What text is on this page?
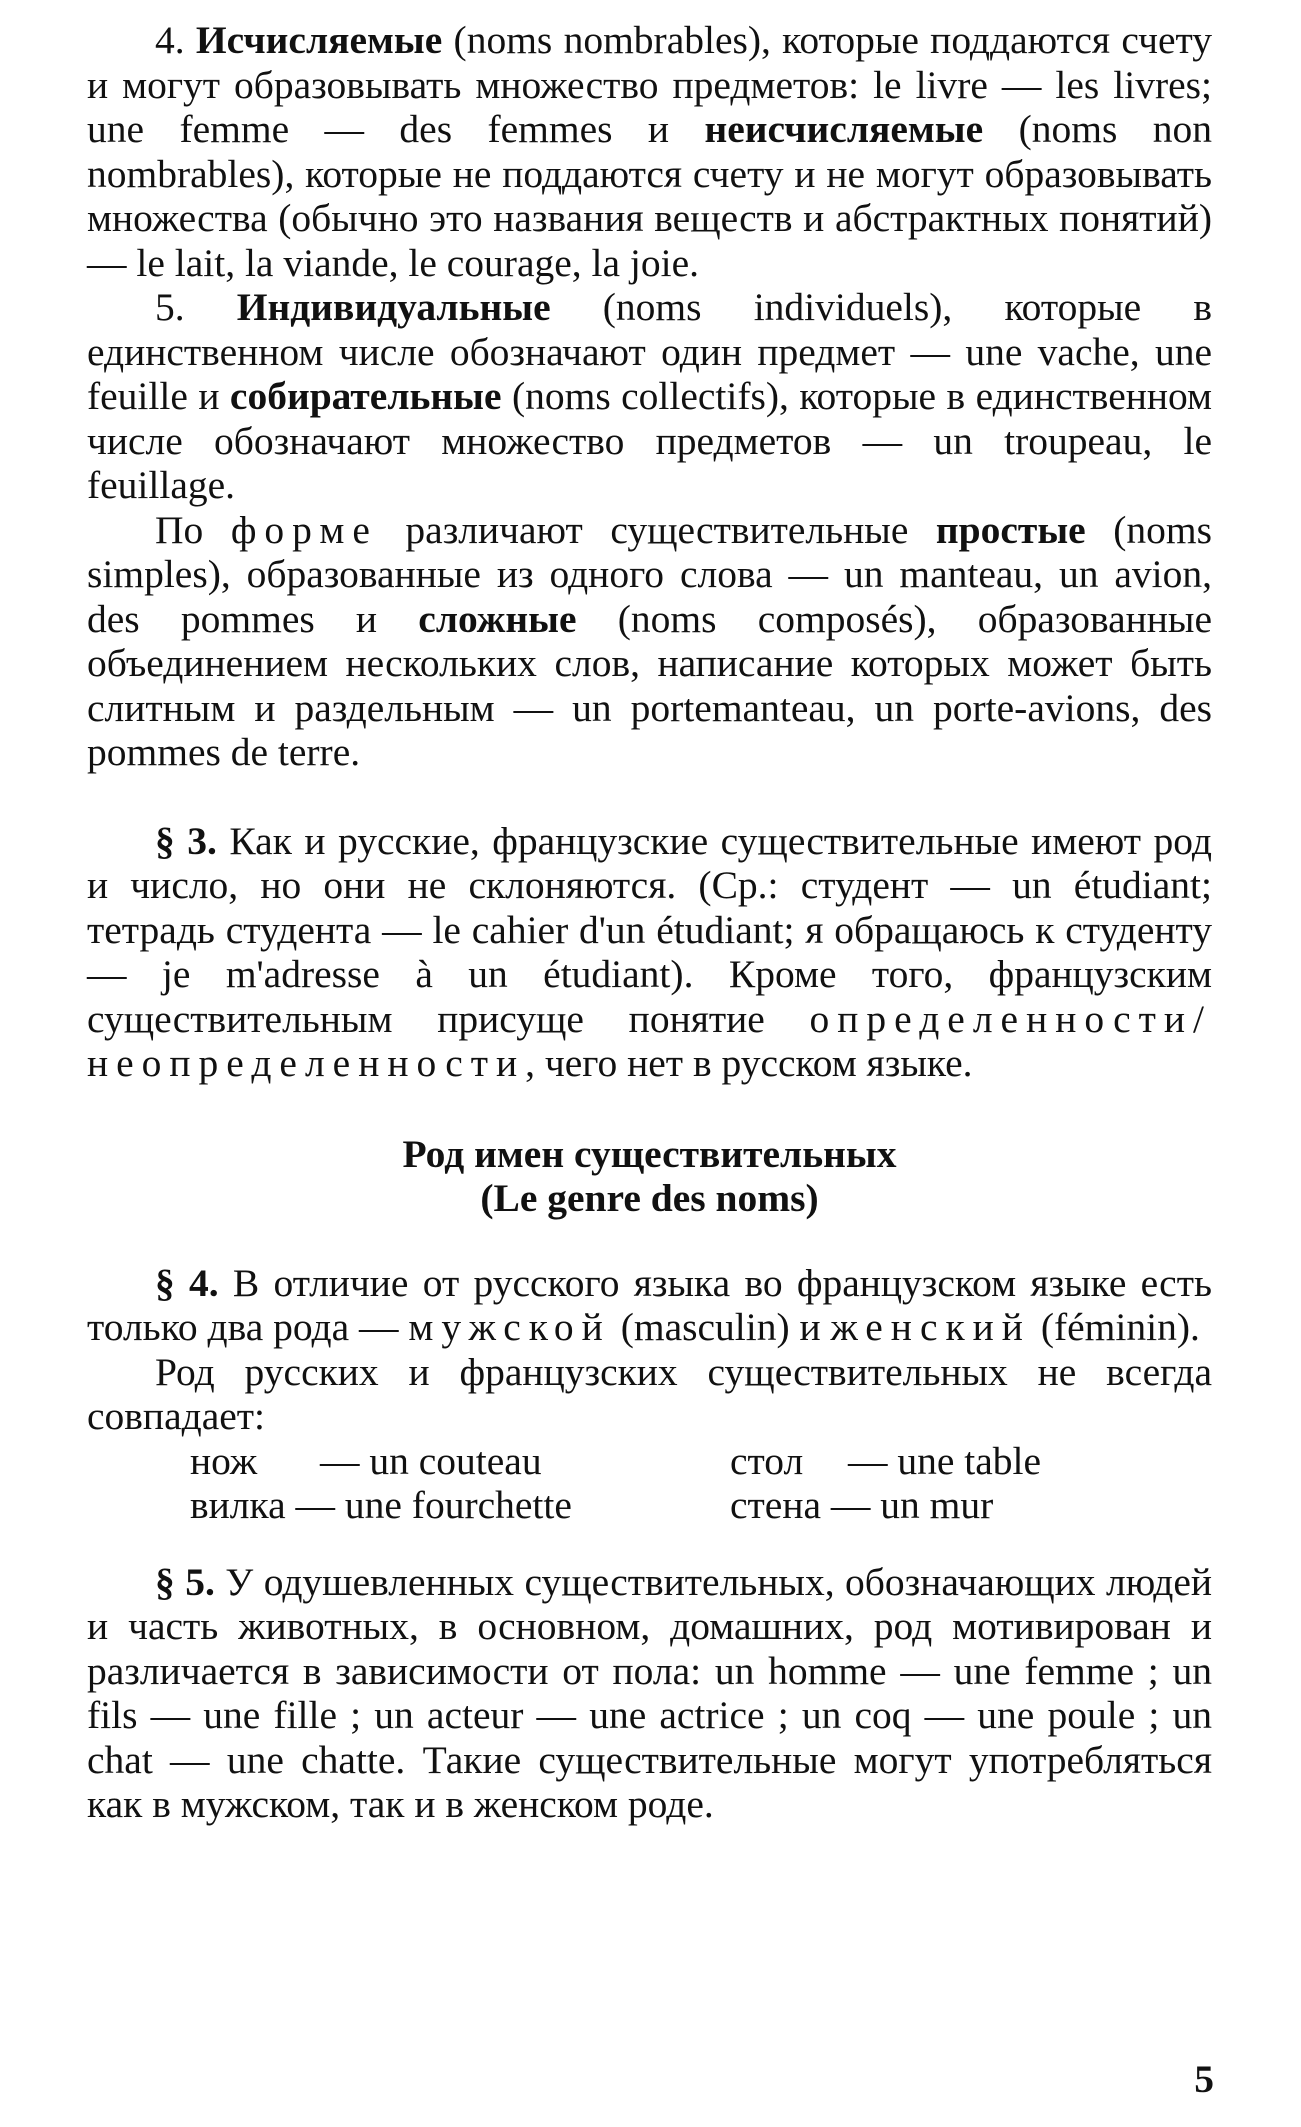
4. Исчисляемые (noms nombrables), которые поддаются счету и могут образовывать множество предметов: le livre — les livres; une femme — des femmes и неисчисляемые (noms non nombrables), которые не поддаются счету и не могут образовывать множества (обычно это названия веществ и абстрактных понятий) — le lait, la viande, le courage, la joie.

5. Индивидуальные (noms individuels), которые в единственном числе обозначают один предмет — une vache, une feuille и собирательные (noms collectifs), которые в единственном числе обозначают множество предметов — un troupeau, le feuillage.

По форме различают существительные простые (noms simples), образованные из одного слова — un manteau, un avion, des pommes и сложные (noms composés), образованные объединением нескольких слов, написание которых может быть слитным и раздельным — un portemanteau, un porte-avions, des pommes de terre.

§ 3. Как и русские, французские существительные имеют род и число, но они не склоняются. (Ср.: студент — un étudiant; тетрадь студента — le cahier d'un étudiant; я обращаюсь к студенту — je m'adresse à un étudiant). Кроме того, французским существительным присуще понятие определенности/неопределенности, чего нет в русском языке.

Род имен существительных
(Le genre des noms)

§ 4. В отличие от русского языка во французском языке есть только два рода — мужской (masculin) и женский (féminin).

Род русских и французских существительных не всегда совпадает:

нож — un couteau	стол — une table
вилка — une fourchette	стена — un mur

§ 5. У одушевленных существительных, обозначающих людей и часть животных, в основном, домашних, род мотивирован и различается в зависимости от пола: un homme — une femme ; un fils — une fille ; un acteur — une actrice ; un coq — une poule ; un chat — une chatte. Такие существительные могут употребляться как в мужском, так и в женском роде.

5
